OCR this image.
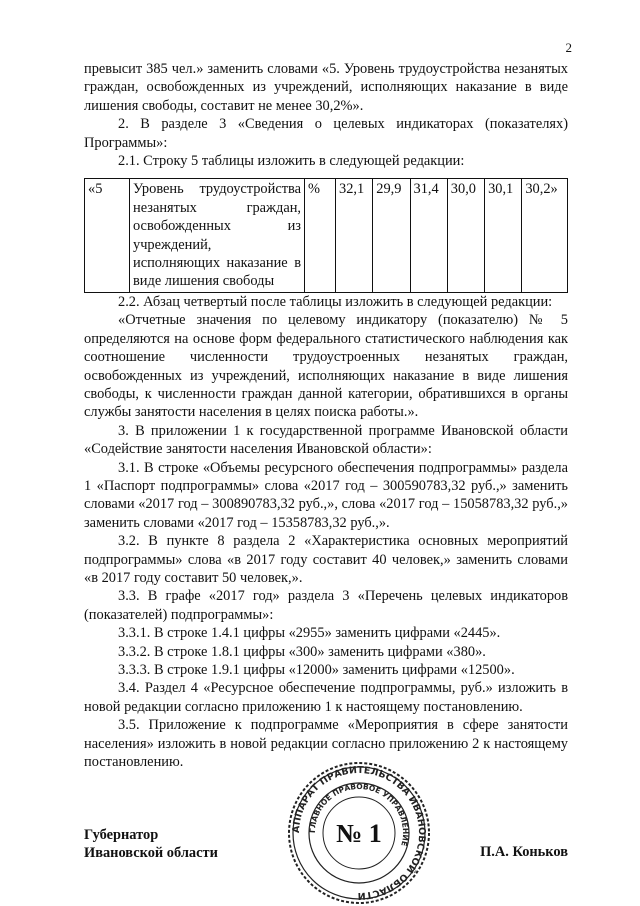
2

превысит 385 чел.» заменить словами «5. Уровень трудоустройства незанятых граждан, освобожденных из учреждений, исполняющих наказание в виде лишения свободы, составит не менее 30,2%».

2. В разделе 3 «Сведения о целевых индикаторах (показателях) Программы»:

2.1. Строку 5 таблицы изложить в следующей редакции:

«5	Уровень трудоустройства незанятых граждан, освобожденных из учреждений, исполняющих наказание в виде лишения свободы	%	32,1	29,9	31,4	30,0	30,1	30,2»

2.2. Абзац четвертый после таблицы изложить в следующей редакции:

«Отчетные значения по целевому индикатору (показателю) № 5 определяются на основе форм федерального статистического наблюдения как соотношение численности трудоустроенных незанятых граждан, освобожденных из учреждений, исполняющих наказание в виде лишения свободы, к численности граждан данной категории, обратившихся в органы службы занятости населения в целях поиска работы.».

3. В приложении 1 к государственной программе Ивановской области «Содействие занятости населения Ивановской области»:

3.1. В строке «Объемы ресурсного обеспечения подпрограммы» раздела 1 «Паспорт подпрограммы» слова «2017 год – 300590783,32 руб.,» заменить словами «2017 год – 300890783,32 руб.,», слова «2017 год – 15058783,32 руб.,» заменить словами «2017 год – 15358783,32 руб.,».

3.2. В пункте 8 раздела 2 «Характеристика основных мероприятий подпрограммы» слова «в 2017 году составит 40 человек,» заменить словами «в 2017 году составит 50 человек,».

3.3. В графе «2017 год» раздела 3 «Перечень целевых индикаторов (показателей) подпрограммы»:

3.3.1. В строке 1.4.1 цифры «2955» заменить цифрами «2445».

3.3.2. В строке 1.8.1 цифры «300» заменить цифрами «380».

3.3.3. В строке 1.9.1 цифры «12000» заменить цифрами «12500».

3.4. Раздел 4 «Ресурсное обеспечение подпрограммы, руб.» изложить в новой редакции согласно приложению 1 к настоящему постановлению.

3.5. Приложение к подпрограмме «Мероприятия в сфере занятости населения» изложить в новой редакции согласно приложению 2 к настоящему постановлению.

Губернатор
Ивановской области	П.А. Коньков
АППАРАТ ПРАВИТЕЛЬСТВА ИВАНОВСКОЙ ОБЛАСТИ
ГЛАВНОЕ ПРАВОВОЕ УПРАВЛЕНИЕ
№ 1
